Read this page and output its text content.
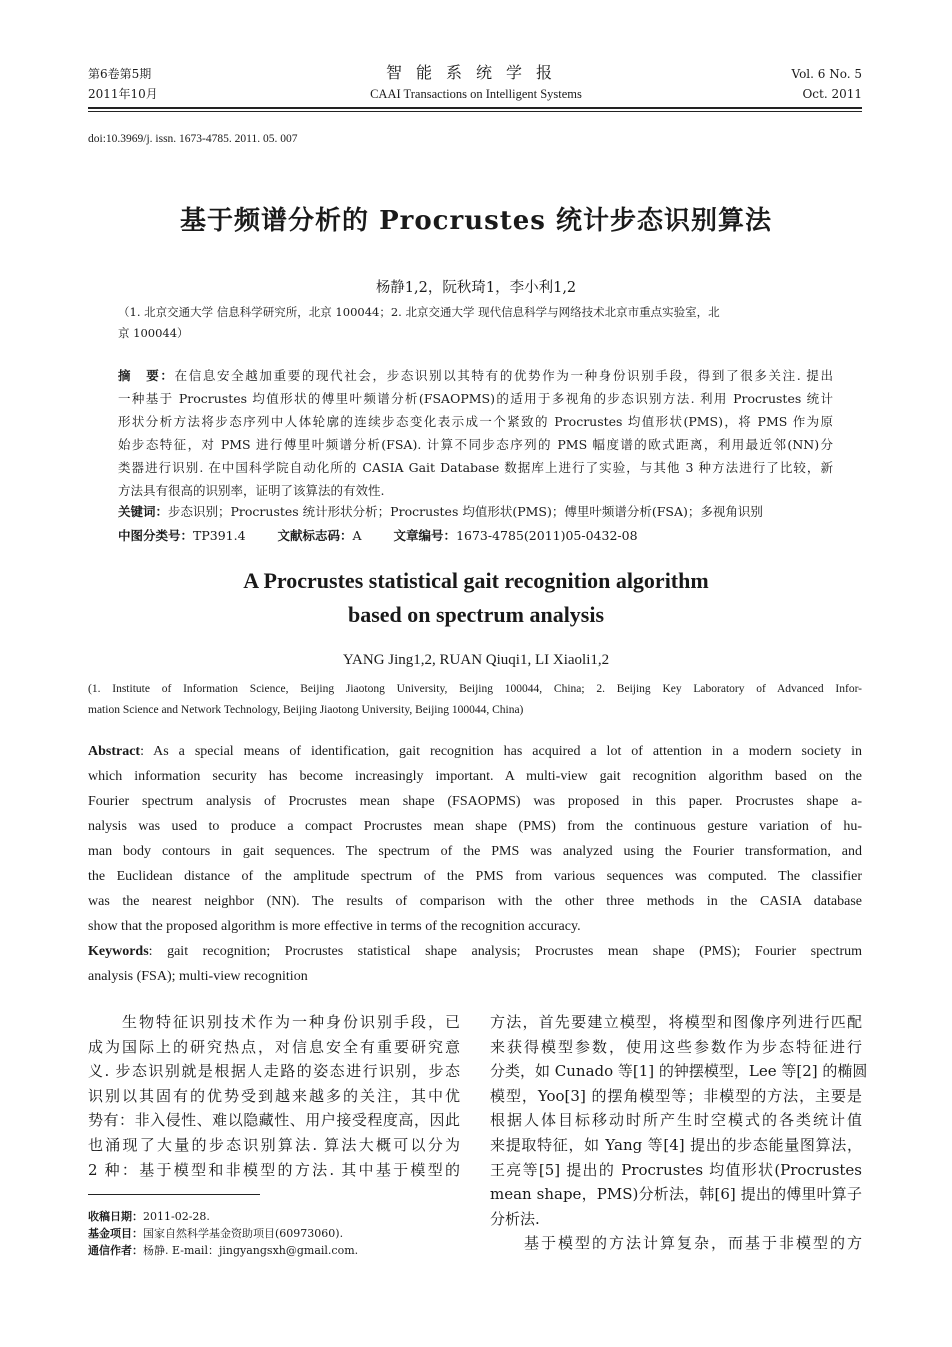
第6卷第5期
2011年10月
智能系统学报
CAAI Transactions on Intelligent Systems
Vol. 6 No. 5
Oct. 2011
doi:10.3969/j. issn. 1673-4785. 2011. 05. 007
基于频谱分析的 Procrustes 统计步态识别算法
杨静1,2，阮秋琦1，李小利1,2
（1. 北京交通大学 信息科学研究所，北京 100044；2. 北京交通大学 现代信息科学与网络技术北京市重点实验室，北
京 100044）
摘　要：在信息安全越加重要的现代社会，步态识别以其特有的优势作为一种身份识别手段，得到了很多关注. 提出
一种基于 Procrustes 均值形状的傅里叶频谱分析(FSAOPMS)的适用于多视角的步态识别方法. 利用 Procrustes 统计
形状分析方法将步态序列中人体轮廓的连续步态变化表示成一个紧致的 Procrustes 均值形状(PMS)，将 PMS 作为原
始步态特征，对 PMS 进行傅里叶频谱分析(FSA). 计算不同步态序列的 PMS 幅度谱的欧式距离，利用最近邻(NN)分
类器进行识别. 在中国科学院自动化所的 CASIA Gait Database 数据库上进行了实验，与其他 3 种方法进行了比较，新
方法具有很高的识别率，证明了该算法的有效性.
关键词：步态识别；Procrustes 统计形状分析；Procrustes 均值形状(PMS)；傅里叶频谱分析(FSA)；多视角识别
中图分类号：TP391.4	文献标志码：A	文章编号：1673-4785(2011)05-0432-08
A Procrustes statistical gait recognition algorithm
based on spectrum analysis
YANG Jing1,2, RUAN Qiuqi1, LI Xiaoli1,2
(1. Institute of Information Science, Beijing Jiaotong University, Beijing 100044, China; 2. Beijing Key Laboratory of Advanced Infor-
mation Science and Network Technology, Beijing Jiaotong University, Beijing 100044, China)
Abstract: As a special means of identification, gait recognition has acquired a lot of attention in a modern society in
which information security has become increasingly important. A multi-view gait recognition algorithm based on the
Fourier spectrum analysis of Procrustes mean shape (FSAOPMS) was proposed in this paper. Procrustes shape a-
nalysis was used to produce a compact Procrustes mean shape (PMS) from the continuous gesture variation of hu-
man body contours in gait sequences. The spectrum of the PMS was analyzed using the Fourier transformation, and
the Euclidean distance of the amplitude spectrum of the PMS from various sequences was computed. The classifier
was the nearest neighbor (NN). The results of comparison with the other three methods in the CASIA database
show that the proposed algorithm is more effective in terms of the recognition accuracy.
Keywords: gait recognition; Procrustes statistical shape analysis; Procrustes mean shape (PMS); Fourier spectrum
analysis (FSA); multi-view recognition
　　生物特征识别技术作为一种身份识别手段，已
成为国际上的研究热点，对信息安全有重要研究意
义. 步态识别就是根据人走路的姿态进行识别，步态
识别以其固有的优势受到越来越多的关注，其中优
势有：非入侵性、难以隐藏性、用户接受程度高，因此
也涌现了大量的步态识别算法. 算法大概可以分为
2 种：基于模型和非模型的方法. 其中基于模型的
收稿日期：2011-02-28.
基金项目：国家自然科学基金资助项目(60973060).
通信作者：杨静. E-mail：jingyangsxh@gmail.com.
方法，首先要建立模型，将模型和图像序列进行匹配
来获得模型参数，使用这些参数作为步态特征进行
分类，如 Cunado 等[1] 的钟摆模型，Lee 等[2] 的椭圆
模型，Yoo[3] 的摆角模型等；非模型的方法，主要是
根据人体目标移动时所产生时空模式的各类统计值
来提取特征，如 Yang 等[4] 提出的步态能量图算法，
王亮等[5] 提出的 Procrustes 均值形状(Procrustes
mean shape，PMS)分析法，韩[6] 提出的傅里叶算子
分析法.
　　基于模型的方法计算复杂，而基于非模型的方
